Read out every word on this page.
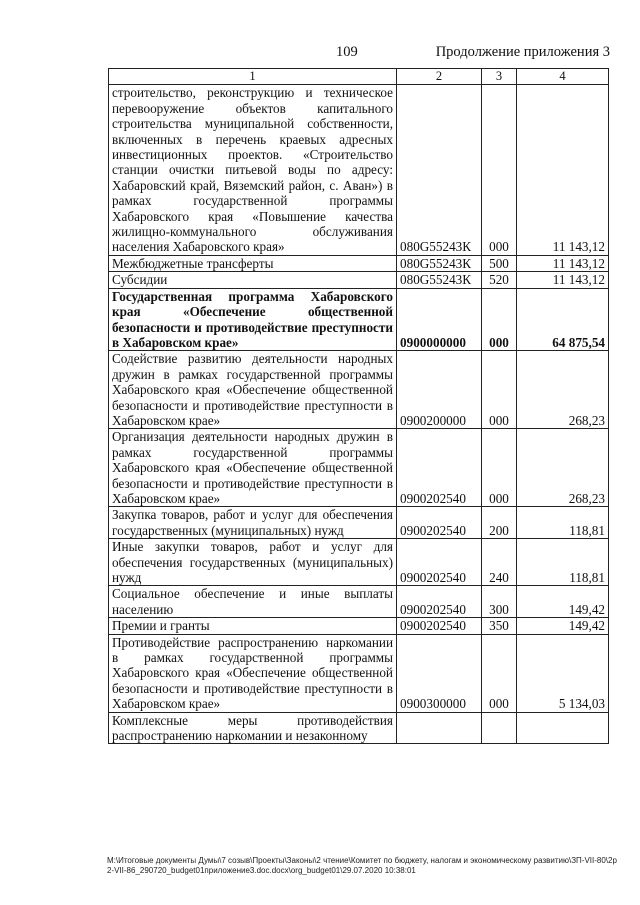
109	Продолжение приложения 3
1	2	3	4
строительство, реконструкцию и техническое перевооружение объектов капитального строительства муниципальной собственности, включенных в перечень краевых адресных инвестиционных проектов. «Строительство станции очистки питьевой воды по адресу: Хабаровский край, Вяземский район, с. Аван») в рамках государственной программы Хабаровского края «Повышение качества жилищно-коммунального обслуживания населения Хабаровского края»	080G55243К	000	11 143,12
Межбюджетные трансферты	080G55243К	500	11 143,12
Субсидии	080G55243К	520	11 143,12
Государственная программа Хабаровского края «Обеспечение общественной безопасности и противодействие преступности в Хабаровском крае»	0900000000	000	64 875,54
Содействие развитию деятельности народных дружин в рамках государственной программы Хабаровского края «Обеспечение общественной безопасности и противодействие преступности в Хабаровском крае»	0900200000	000	268,23
Организация деятельности народных дружин в рамках государственной программы Хабаровского края «Обеспечение общественной безопасности и противодействие преступности в Хабаровском крае»	0900202540	000	268,23
Закупка товаров, работ и услуг для обеспечения государственных (муниципальных) нужд	0900202540	200	118,81
Иные закупки товаров, работ и услуг для обеспечения государственных (муниципальных) нужд	0900202540	240	118,81
Социальное обеспечение и иные выплаты населению	0900202540	300	149,42
Премии и гранты	0900202540	350	149,42
Противодействие распространению наркомании в рамках государственной программы Хабаровского края «Обеспечение общественной безопасности и противодействие преступности в Хабаровском крае»	0900300000	000	5 134,03
Комплексные меры противодействия распространению наркомании и незаконному			
M:\Итоговые документы Думы\7 созыв\Проекты\Законы\2 чтение\Комитет по бюджету, налогам и экономическому развитию\ЗП-VII-80\2p2-VII-86_290720_budget01приложение3.doc.docx\org_budget01\29.07.2020 10:38:01
